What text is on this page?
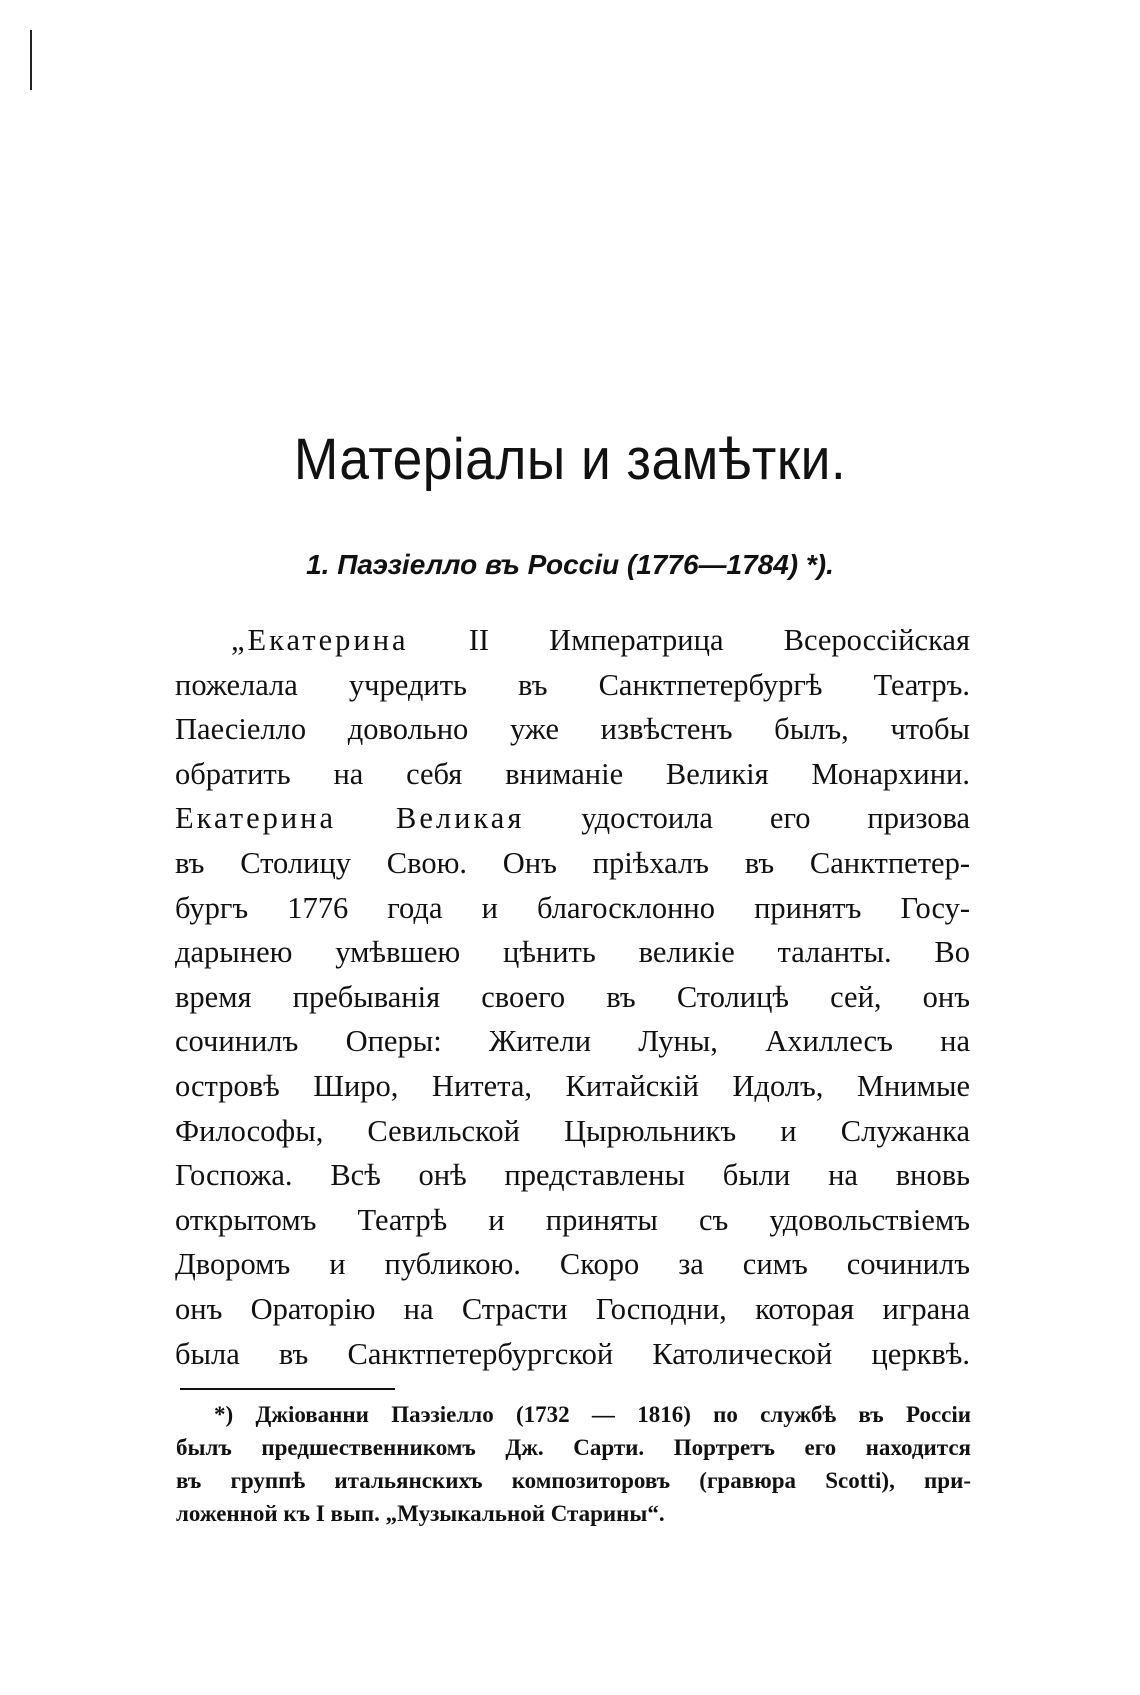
Матеріалы и замѣтки.
1. Паэзіелло въ Россіи (1776—1784) *).
„Екатерина II Императрица Всероссійская
пожелала учредить въ Санктпетербургѣ Театръ.
Паесіелло довольно уже извѣстенъ былъ, чтобы
обратить на себя вниманіе Великія Монархини.
Екатерина Великая удостоила его призова
въ Столицу Свою. Онъ пріѣхалъ въ Санктпетер-
бургъ 1776 года и благосклонно принятъ Госу-
дарынею умѣвшею цѣнить великіе таланты. Во
время пребыванія своего въ Столицѣ сей, онъ
сочинилъ Оперы: Жители Луны, Ахиллесъ на
островѣ Широ, Нитета, Китайскій Идолъ, Мнимые
Философы, Севильской Цырюльникъ и Служанка
Госпожа. Всѣ онѣ представлены были на вновь
открытомъ Театрѣ и приняты съ удовольствіемъ
Дворомъ и публикою. Скоро за симъ сочинилъ
онъ Ораторію на Страсти Господни, которая играна
была въ Санктпетербургской Католической церквѣ.
*) Джіованни Паэзіелло (1732 — 1816) по службѣ въ Россіи
былъ предшественникомъ Дж. Сарти. Портретъ его находится
въ группѣ итальянскихъ композиторовъ (гравюра Scotti), при-
ложенной къ I вып. „Музыкальной Старины“.
